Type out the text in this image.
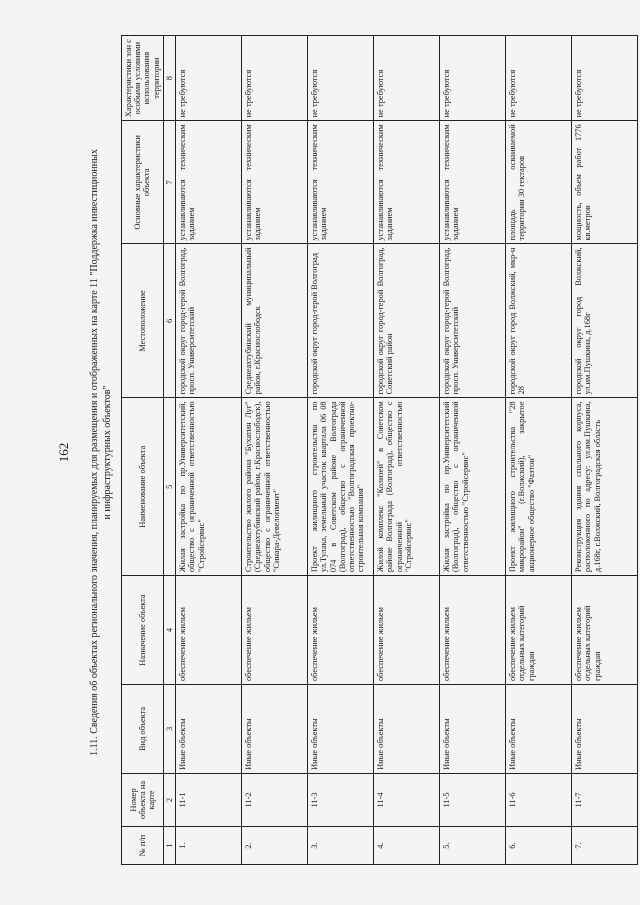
162	1.11. Сведения об объектах регионального значения, планируемых для размещения и отображенных на карте 11 "Поддержка инвестиционных и инфраструктурных объектов"
№ п/п	Номер объекта на карте	Вид объекта	Назначение объекта	Наименование объекта	Местоположение	Основные характеристики объекта	Характеристики зон с особыми условиями использования территории
1	2	3	4	5	6	7	8
1.	11-1	Иные объекты	обеспечение жильем	Жилая застройка по пр.Университетский, общество с ограниченной ответственностью "Стройсервис"	городской округ город-герой Волгоград, просп. Университетский	устанавливаются техническим заданием	не требуются
2.	11-2	Иные объекты	обеспечение жильем	Строительство жилого района "Бухатин Луг" (Среднеахтубинский район, г.Краснослободск), общество с ограниченной ответственностью "Синара-Девелопмент"	Среднеахтубинский муниципальный район, г.Краснослободск	устанавливаются техническим заданием	не требуются
3.	11-3	Иные объекты	обеспечение жильем	Проект жилищного строительства по ул.Тулака, земельный участок квартала 06 08 074 в Советском районе Волгограда (Волгоград), общество с ограниченной ответственностью "Волгоградская проектно-строительная компания"	городской округ город-герой Волгоград	устанавливаются техническим заданием	не требуются
4.	11-4	Иные объекты	обеспечение жильем	Жилой комплекс "Колизей" в Советском районе Волгограда (Волгоград), общество с ограниченной ответственностью "Стройсервис"	городской округ город-герой Волгоград, Советский район	устанавливаются техническим заданием	не требуются
5.	11-5	Иные объекты	обеспечение жильем	Жилая застройка по пр.Университетский (Волгоград), общество с ограниченной ответственностью "Стройсервис"	городской округ город-герой Волгоград, просп. Университетский	устанавливаются техническим заданием	не требуются
6.	11-6	Иные объекты	обеспечение жильем отдельных категорий граждан	Проект жилищного строительства "28 микрорайон" (г.Волжский), закрытое акционерное общество "Фаэтон"	городской округ город Волжский, мкр-н 28	площадь осваиваемой территории 30 гектаров	не требуются
7.	11-7	Иные объекты	обеспечение жильем отдельных категорий граждан	Реконструкция здания спального корпуса, расположенного по адресу: ул.им.Пушкина, д.168г, г.Волжский, Волгоградская область	городской округ город Волжский, ул.им.Пушкина, д.168г	мощность, объем работ 1776 кв.метров	не требуются
